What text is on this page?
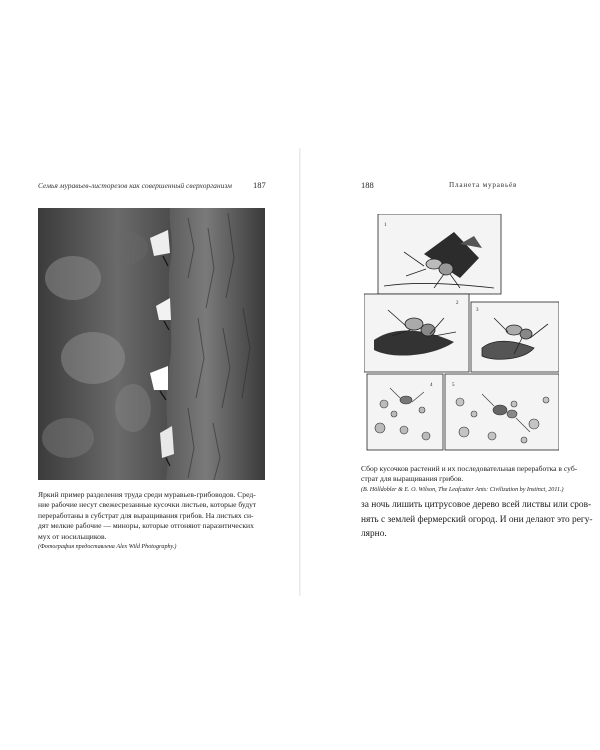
Семья муравьев-листорезов как совершенный сверхорганизм 187
Яркий пример разделения труда среди муравьев-грибоводов. Сред-
ние рабочие несут свежесрезанные кусочки листьев, которые будут
переработаны в субстрат для выращивания грибов. На листьях си-
дят мелкие рабочие — миноры, которые отгоняют паразитических
мух от носильщиков.
(Фотография предоставлена Alex Wild Photography.)
188	Планета муравьёв
1
2
3
4	5
Сбор кусочков растений и их последовательная переработка в суб-
страт для выращивания грибов.
(B. Hölldobler & E. O. Wilson, The Leafcutter Ants: Civilization by Instinct, 2011.)
за ночь лишить цитрусовое дерево всей листвы или сров-
нять с землей фермерский огород. И они делают это регу-
лярно.
